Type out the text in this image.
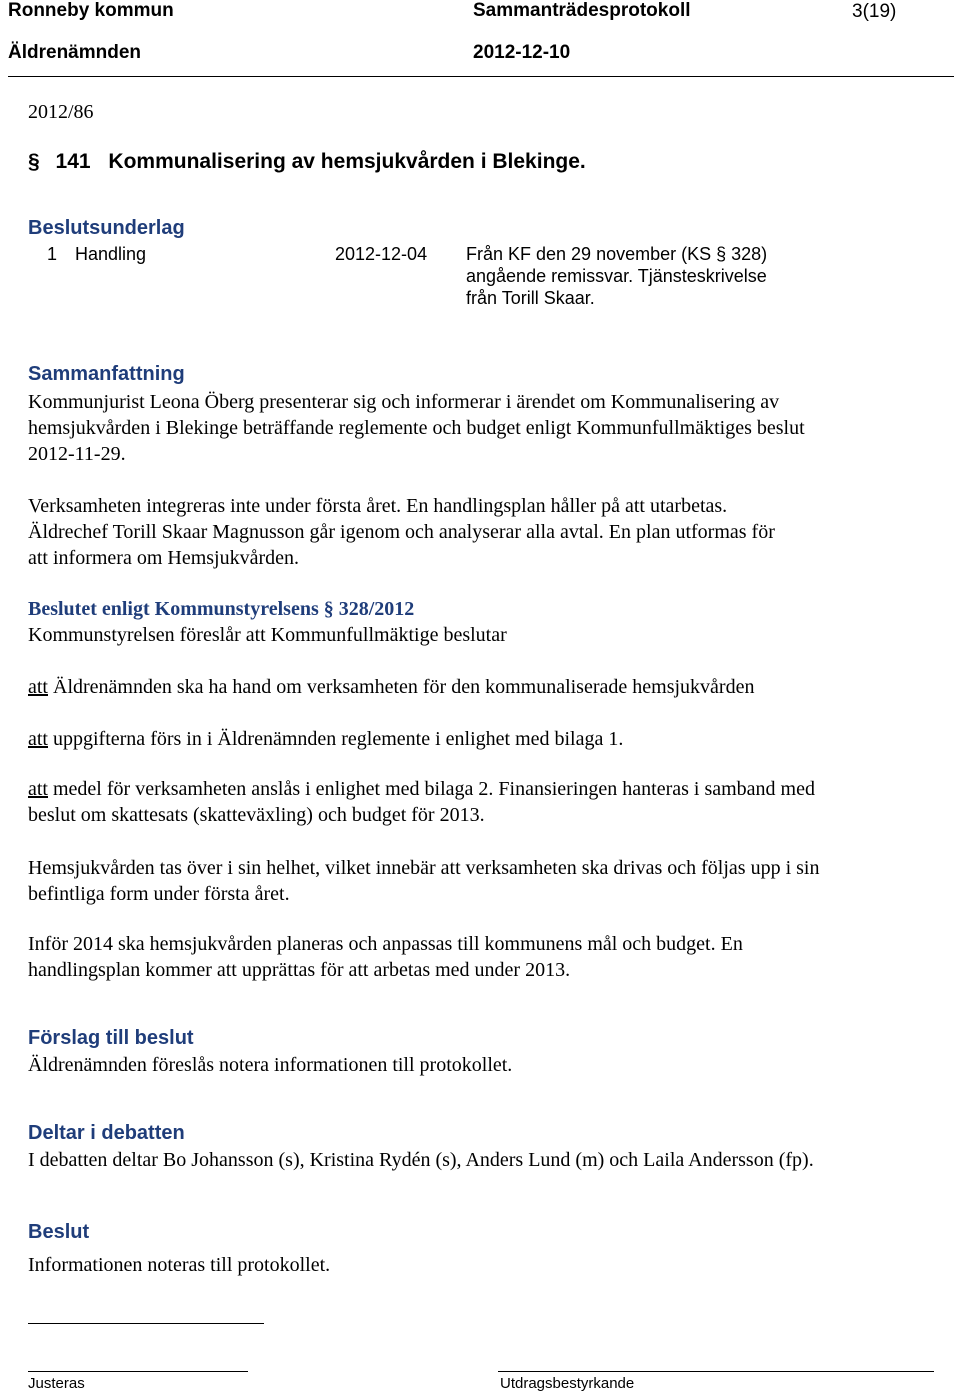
Ronneby kommun	Sammanträdesprotokoll	3(19)
Äldrenämnden	2012-12-10
2012/86
§ 141 Kommunalisering av hemsjukvården i Blekinge.
Beslutsunderlag
1 Handling	2012-12-04 Från KF den 29 november (KS § 328)
angående remissvar. Tjänsteskrivelse
från Torill Skaar.
Sammanfattning
Kommunjurist Leona Öberg presenterar sig och informerar i ärendet om Kommunalisering av
hemsjukvården i Blekinge beträffande reglemente och budget enligt Kommunfullmäktiges beslut
2012-11-29.
Verksamheten integreras inte under första året. En handlingsplan håller på att utarbetas.
Äldrechef Torill Skaar Magnusson går igenom och analyserar alla avtal. En plan utformas för
att informera om Hemsjukvården.
Beslutet enligt Kommunstyrelsens § 328/2012
Kommunstyrelsen föreslår att Kommunfullmäktige beslutar
att Äldrenämnden ska ha hand om verksamheten för den kommunaliserade hemsjukvården
att uppgifterna förs in i Äldrenämnden reglemente i enlighet med bilaga 1.
att medel för verksamheten anslås i enlighet med bilaga 2. Finansieringen hanteras i samband med
beslut om skattesats (skatteväxling) och budget för 2013.
Hemsjukvården tas över i sin helhet, vilket innebär att verksamheten ska drivas och följas upp i sin
befintliga form under första året.
Inför 2014 ska hemsjukvården planeras och anpassas till kommunens mål och budget. En
handlingsplan kommer att upprättas för att arbetas med under 2013.
Förslag till beslut
Äldrenämnden föreslås notera informationen till protokollet.
Deltar i debatten
I debatten deltar Bo Johansson (s), Kristina Rydén (s), Anders Lund (m) och Laila Andersson (fp).
Beslut
Informationen noteras till protokollet.
Justeras	Utdragsbestyrkande
